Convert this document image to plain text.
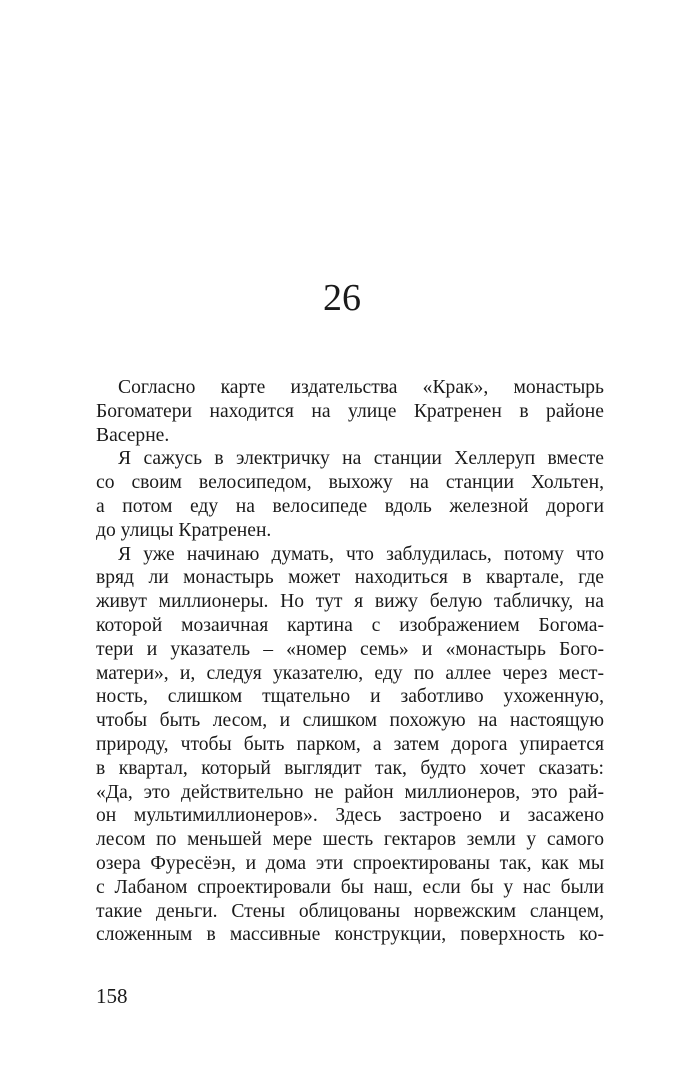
26
Согласно карте издательства «Крак», монастырь
Богоматери находится на улице Кратренен в районе
Васерне.
Я сажусь в электричку на станции Хеллеруп вместе
со своим велосипедом, выхожу на станции Хольтен,
а потом еду на велосипеде вдоль железной дороги
до улицы Кратренен.
Я уже начинаю думать, что заблудилась, потому что
вряд ли монастырь может находиться в квартале, где
живут миллионеры. Но тут я вижу белую табличку, на
которой мозаичная картина с изображением Богома-
тери и указатель – «номер семь» и «монастырь Бого-
матери», и, следуя указателю, еду по аллее через мест-
ность, слишком тщательно и заботливо ухоженную,
чтобы быть лесом, и слишком похожую на настоящую
природу, чтобы быть парком, а затем дорога упирается
в квартал, который выглядит так, будто хочет сказать:
«Да, это действительно не район миллионеров, это рай-
он мультимиллионеров». Здесь застроено и засажено
лесом по меньшей мере шесть гектаров земли у самого
озера Фуресёэн, и дома эти спроектированы так, как мы
с Лабаном спроектировали бы наш, если бы у нас были
такие деньги. Стены облицованы норвежским сланцем,
сложенным в массивные конструкции, поверхность ко-
158
